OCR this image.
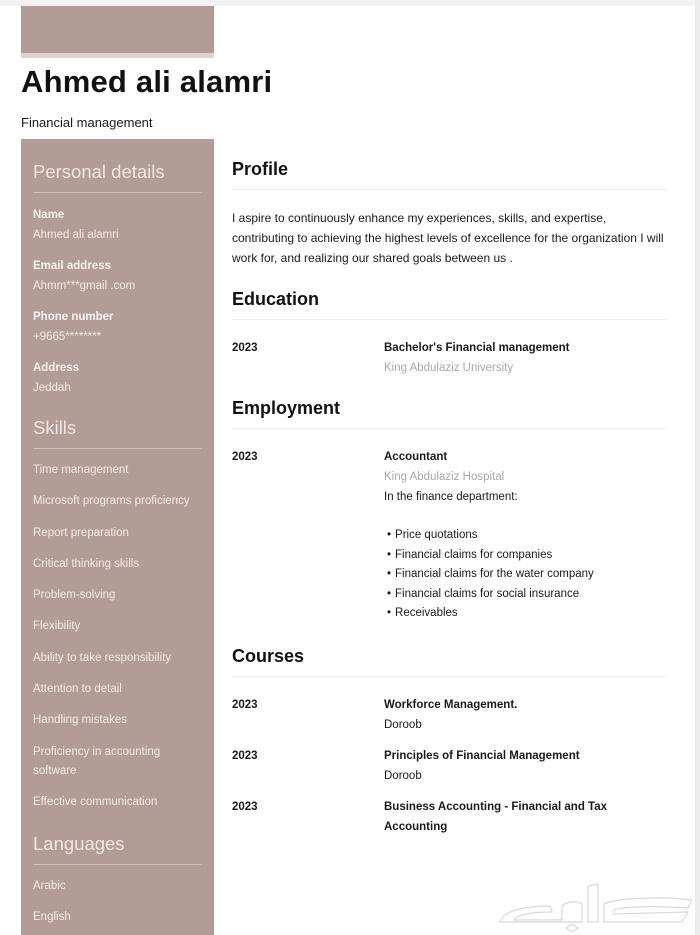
Ahmed ali alamri
Financial management
Personal details
Name
Ahmed ali alamri
Email address
Ahmm***gmail .com
Phone number
+9665********
Address
Jeddah
Skills
Time management
Microsoft programs proficiency
Report preparation
Critical thinking skills
Problem-solving
Flexibility
Ability to take responsibility
Attention to detail
Handling mistakes
Proficiency in accounting software
Effective communication
Languages
Arabic
English
Profile

I aspire to continuously enhance my experiences, skills, and expertise, contributing to achieving the highest levels of excellence for the organization I will work for, and realizing our shared goals between us .

Education
2023	Bachelor's Financial management
King Abdulaziz University
Employment
2023	Accountant
King Abdulaziz Hospital
In the finance department:
• Price quotations
• Financial claims for companies
• Financial claims for the water company
• Financial claims for social insurance
• Receivables
Courses
2023	Workforce Management.
Doroob
2023	Principles of Financial Management
Doroob
2023	Business Accounting - Financial and Tax Accounting
